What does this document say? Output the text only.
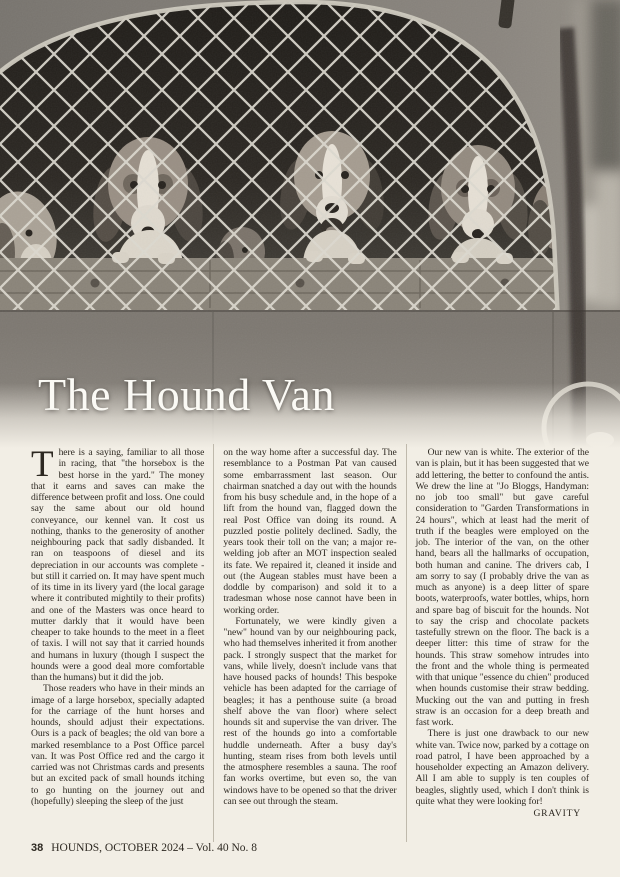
The Hound Van

There is a saying, familiar to all those in racing, that "the horsebox is the best horse in the yard." The money that it earns and saves can make the difference between profit and loss. One could say the same about our old hound conveyance, our kennel van. It cost us nothing, thanks to the generosity of another neighbouring pack that sadly disbanded. It ran on teaspoons of diesel and its depreciation in our accounts was complete - but still it carried on. It may have spent much of its time in its livery yard (the local garage where it contributed mightily to their profits) and one of the Masters was once heard to mutter darkly that it would have been cheaper to take hounds to the meet in a fleet of taxis. I will not say that it carried hounds and humans in luxury (though I suspect the hounds were a good deal more comfortable than the humans) but it did the job.

Those readers who have in their minds an image of a large horsebox, specially adapted for the carriage of the hunt horses and hounds, should adjust their expectations. Ours is a pack of beagles; the old van bore a marked resemblance to a Post Office parcel van. It was Post Office red and the cargo it carried was not Christmas cards and presents but an excited pack of small hounds itching to go hunting on the journey out and (hopefully) sleeping the sleep of the just

on the way home after a successful day. The resemblance to a Postman Pat van caused some embarrassment last season. Our chairman snatched a day out with the hounds from his busy schedule and, in the hope of a lift from the hound van, flagged down the real Post Office van doing its round. A puzzled postie politely declined. Sadly, the years took their toll on the van; a major re-welding job after an MOT inspection sealed its fate. We repaired it, cleaned it inside and out (the Augean stables must have been a doddle by comparison) and sold it to a tradesman whose nose cannot have been in working order.

Fortunately, we were kindly given a "new" hound van by our neighbouring pack, who had themselves inherited it from another pack. I strongly suspect that the market for vans, while lively, doesn't include vans that have housed packs of hounds! This bespoke vehicle has been adapted for the carriage of beagles; it has a penthouse suite (a broad shelf above the van floor) where select hounds sit and supervise the van driver. The rest of the hounds go into a comfortable huddle underneath. After a busy day's hunting, steam rises from both levels until the atmosphere resembles a sauna. The roof fan works overtime, but even so, the van windows have to be opened so that the driver can see out through the steam.

Our new van is white. The exterior of the van is plain, but it has been suggested that we add lettering, the better to confound the antis. We drew the line at "Jo Bloggs, Handyman: no job too small" but gave careful consideration to "Garden Transformations in 24 hours", which at least had the merit of truth if the beagles were employed on the job. The interior of the van, on the other hand, bears all the hallmarks of occupation, both human and canine. The drivers cab, I am sorry to say (I probably drive the van as much as anyone) is a deep litter of spare boots, waterproofs, water bottles, whips, horn and spare bag of biscuit for the hounds. Not to say the crisp and chocolate packets tastefully strewn on the floor. The back is a deeper litter: this time of straw for the hounds. This straw somehow intrudes into the front and the whole thing is permeated with that unique "essence du chien" produced when hounds customise their straw bedding. Mucking out the van and putting in fresh straw is an occasion for a deep breath and fast work.

There is just one drawback to our new white van. Twice now, parked by a cottage on road patrol, I have been approached by a householder expecting an Amazon delivery. All I am able to supply is ten couples of beagles, slightly used, which I don't think is quite what they were looking for!

GRAVITY

38 HOUNDS, OCTOBER 2024 – Vol. 40 No. 8
